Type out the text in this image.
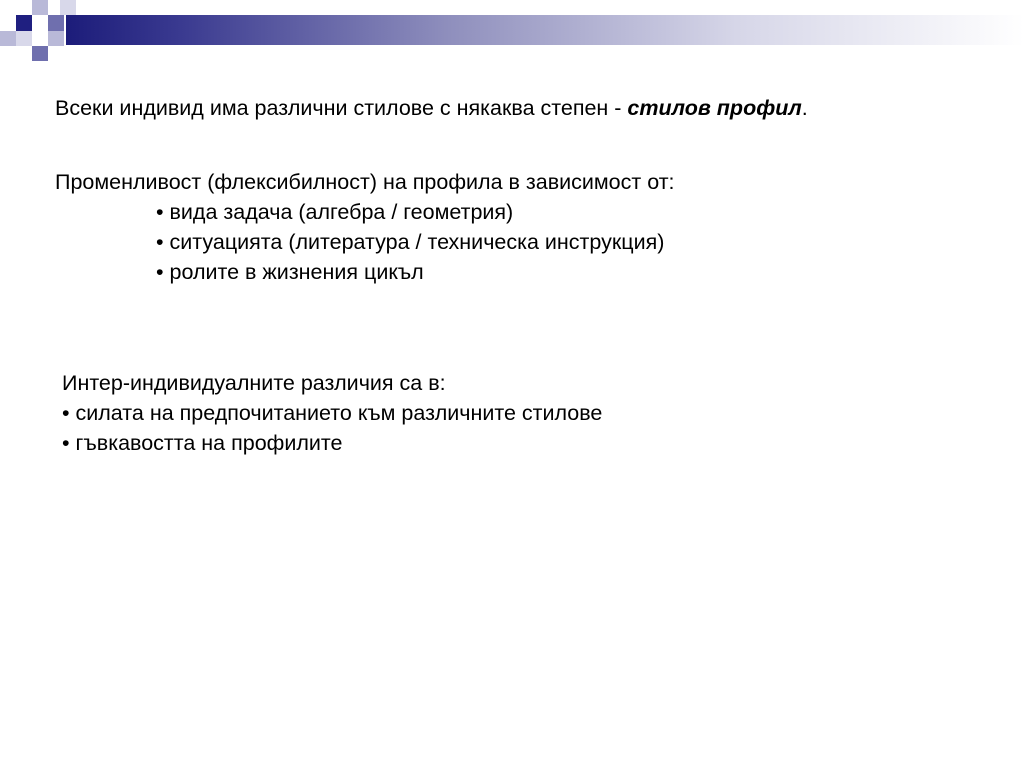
Всеки индивид има различни стилове с някаква степен - стилов профил.
Променливост (флексибилност) на профила в зависимост от:
• вида задача (алгебра / геометрия)
• ситуацията (литература / техническа инструкция)
• ролите в жизнения цикъл
Интер-индивидуалните различия са в:
• силата на предпочитанието към различните стилове
• гъвкавостта на профилите
